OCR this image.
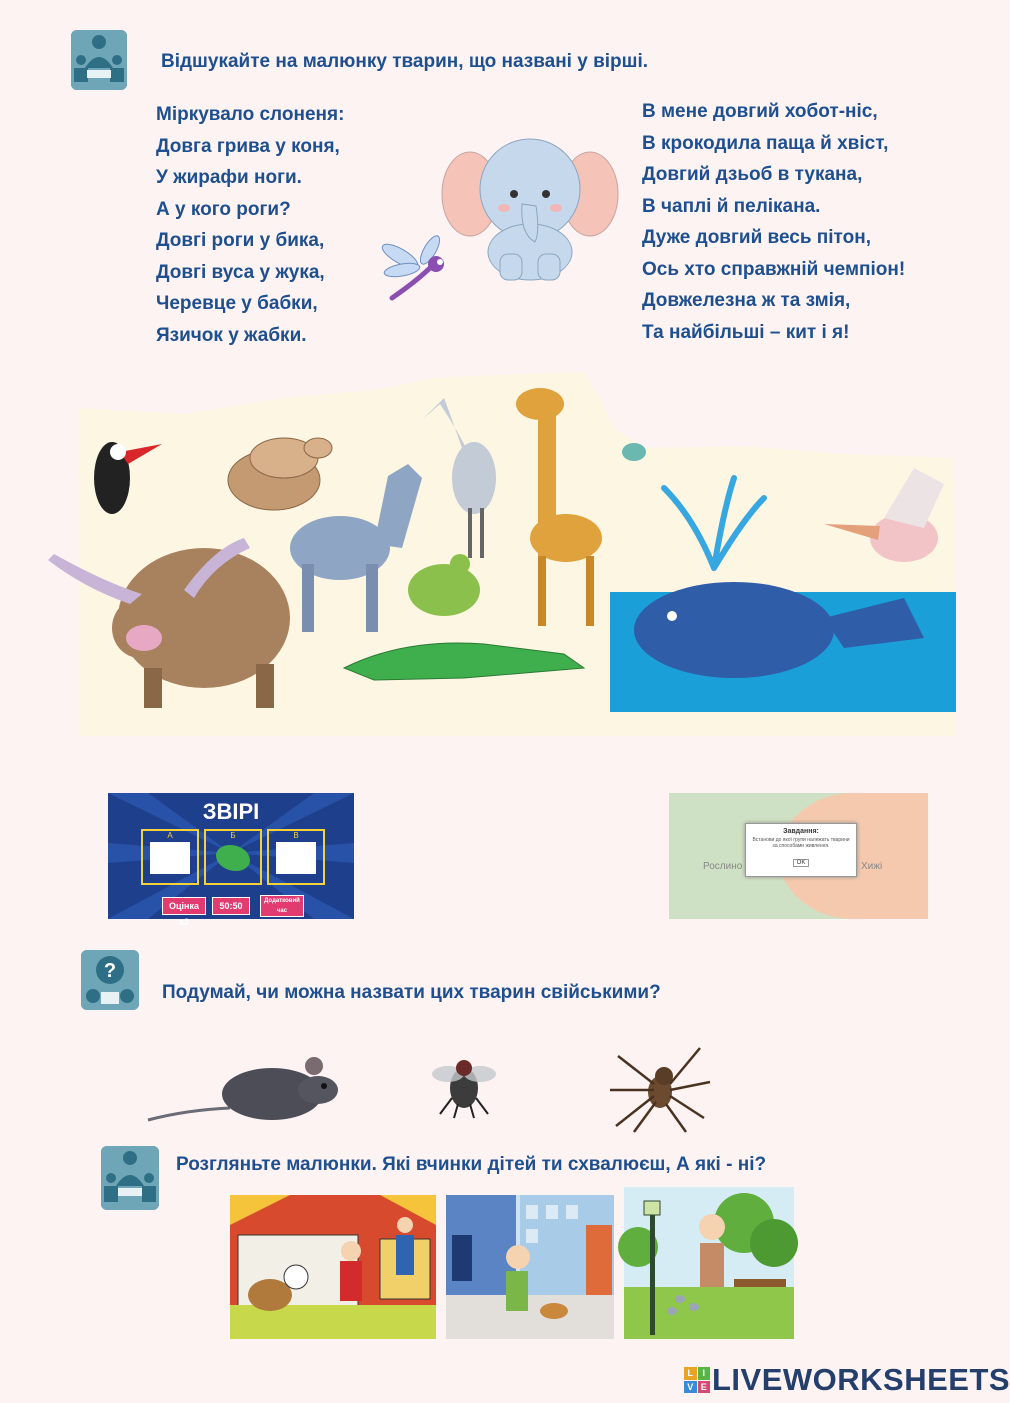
Відшукайте на малюнку тварин, що названі у вірші.
Міркувало слоненя:
Довга грива у коня,
У жирафи ноги.
А у кого роги?
Довгі роги у бика,
Довгі вуса у жука,
Черевце у бабки,
Язичок у жабки.
В мене довгий хобот-ніс,
В крокодила паща й хвіст,
Довгий дзьоб в тукана,
В чаплі й пелікана.
Дуже довгий весь пітон,
Ось хто справжній чемпіон!
Довжелезна ж та змія,
Та найбільші – кит і я!
ЗВІРІ
А	Б	В
Оцінка x2
50:50	Додатковий час
Рослино	Хижі
Завдання:
Встанови до якої групи належать тварини за способами живлення.
OK
?
Подумай, чи можна назвати цих тварин свійськими?
Розгляньте малюнки. Які вчинки дітей ти схвалюєш, А які - ні?
L	I
V E LIVEWORKSHEETS
